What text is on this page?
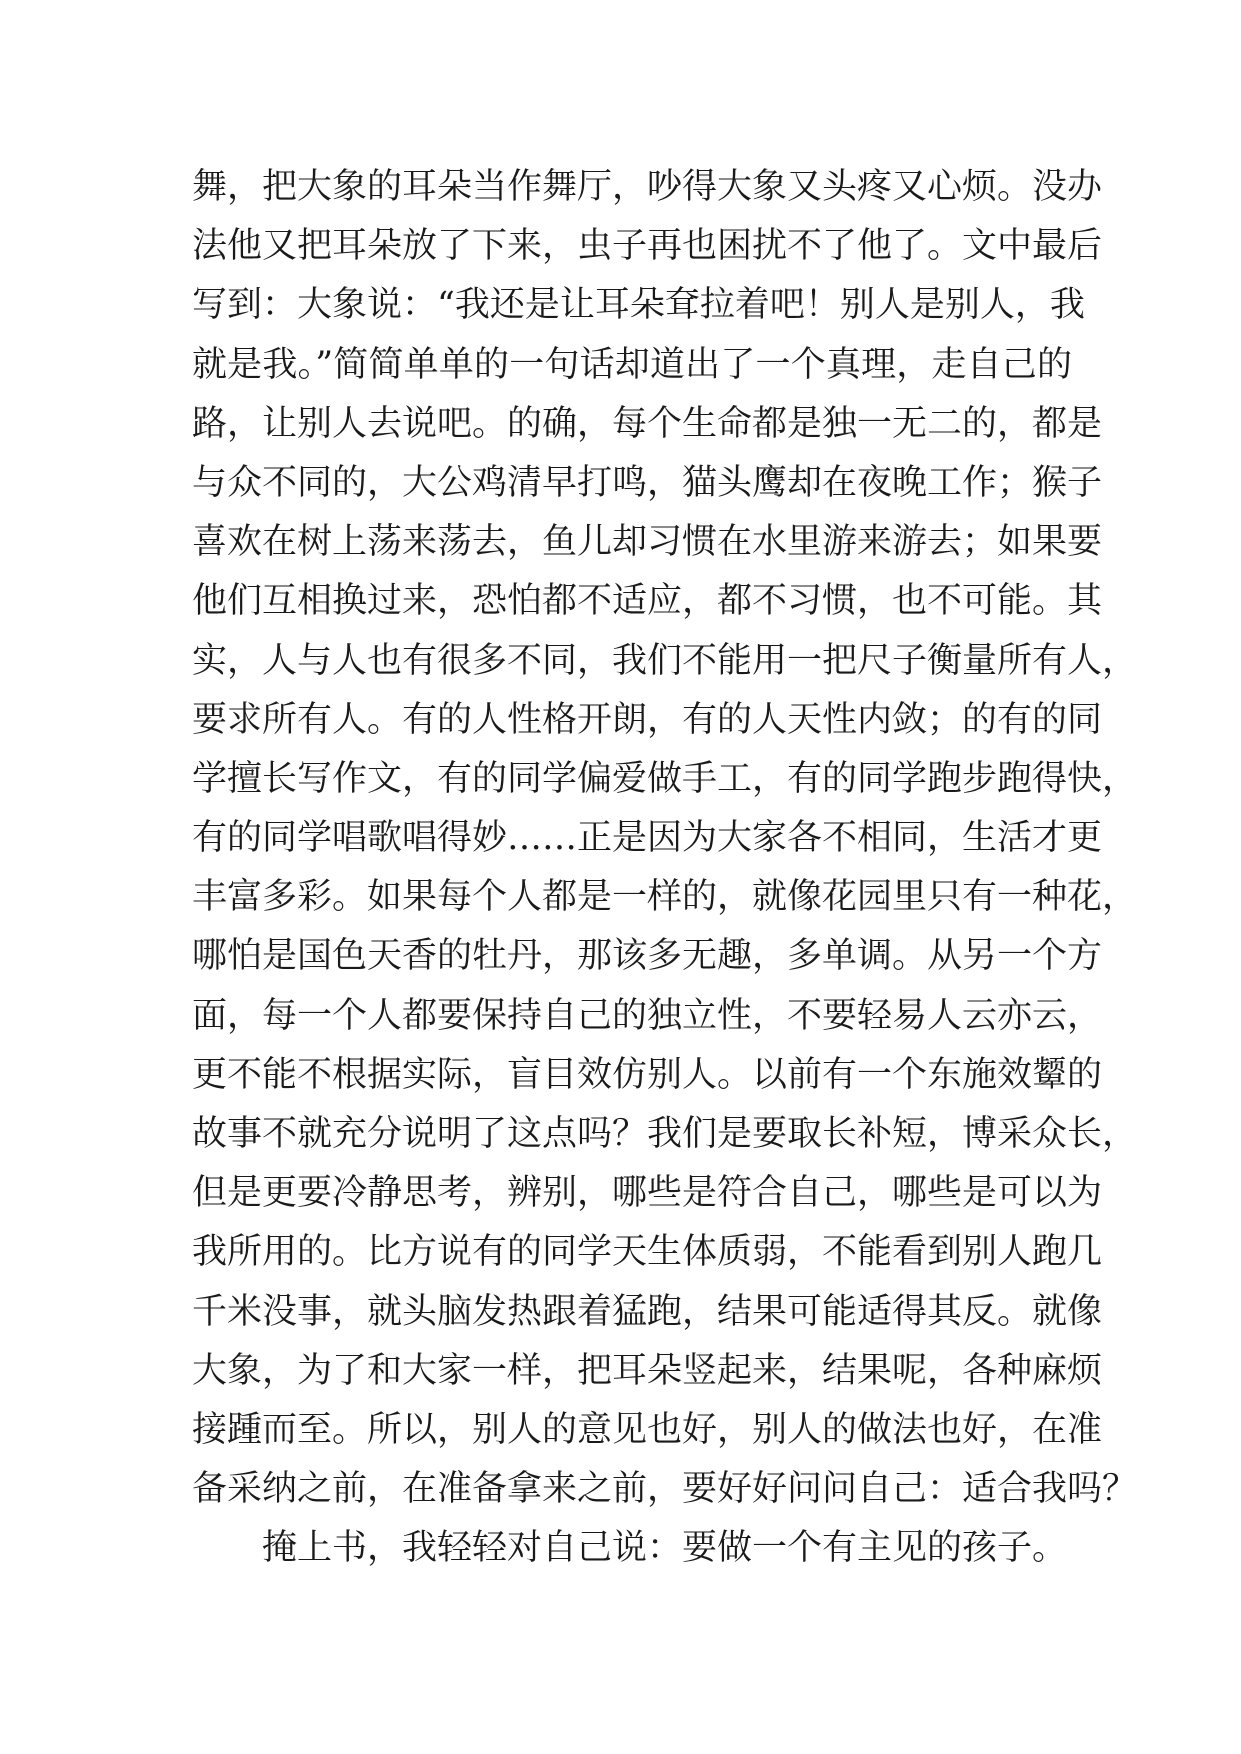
舞，把大象的耳朵当作舞厅，吵得大象又头疼又心烦。没办
法他又把耳朵放了下来，虫子再也困扰不了他了。文中最后
写到：大象说：“我还是让耳朵耷拉着吧！别人是别人，我
就是我。”简简单单的一句话却道出了一个真理，走自己的
路，让别人去说吧。的确，每个生命都是独一无二的，都是
与众不同的，大公鸡清早打鸣，猫头鹰却在夜晚工作；猴子
喜欢在树上荡来荡去，鱼儿却习惯在水里游来游去；如果要
他们互相换过来，恐怕都不适应，都不习惯，也不可能。其
实，人与人也有很多不同，我们不能用一把尺子衡量所有人，
要求所有人。有的人性格开朗，有的人天性内敛；的有的同
学擅长写作文，有的同学偏爱做手工，有的同学跑步跑得快，
有的同学唱歌唱得妙……正是因为大家各不相同，生活才更
丰富多彩。如果每个人都是一样的，就像花园里只有一种花，
哪怕是国色天香的牡丹，那该多无趣，多单调。从另一个方
面，每一个人都要保持自己的独立性，不要轻易人云亦云，
更不能不根据实际，盲目效仿别人。以前有一个东施效颦的
故事不就充分说明了这点吗？我们是要取长补短，博采众长，
但是更要冷静思考，辨别，哪些是符合自己，哪些是可以为
我所用的。比方说有的同学天生体质弱，不能看到别人跑几
千米没事，就头脑发热跟着猛跑，结果可能适得其反。就像
大象，为了和大家一样，把耳朵竖起来，结果呢，各种麻烦
接踵而至。所以，别人的意见也好，别人的做法也好，在准
备采纳之前，在准备拿来之前，要好好问问自己：适合我吗？
掩上书，我轻轻对自己说：要做一个有主见的孩子。
